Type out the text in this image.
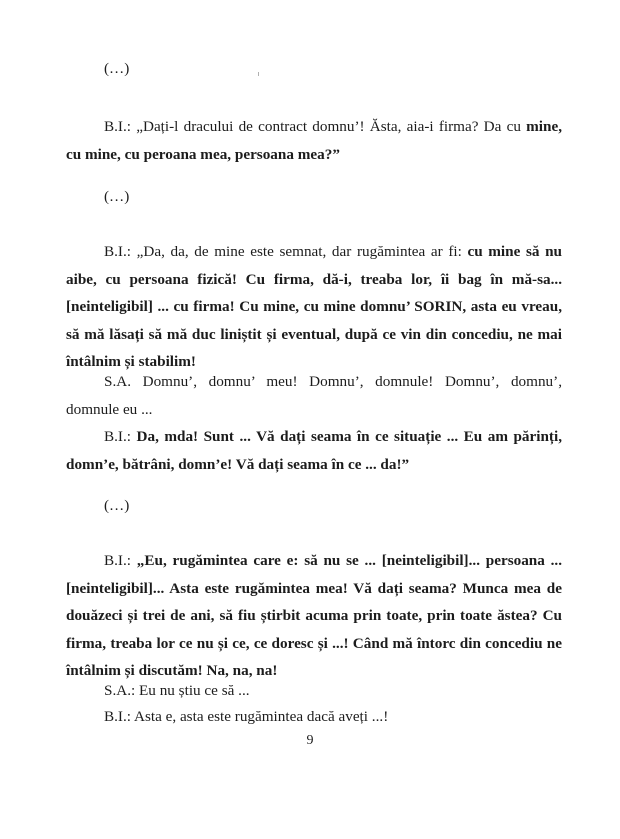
(…)

B.I.: „Dați-l dracului de contract domnu’! Ăsta, aia-i firma? Da cu mine, cu mine, cu peroana mea, persoana mea?”

(…)

B.I.: „Da, da, de mine este semnat, dar rugămintea ar fi: cu mine să nu aibe, cu persoana fizică! Cu firma, dă-i, treaba lor, îi bag în mă-sa... [neinteligibil] ... cu firma! Cu mine, cu mine domnu’ SORIN, asta eu vreau, să mă lăsați să mă duc liniștit și eventual, după ce vin din concediu, ne mai întâlnim și stabilim!

S.A. Domnu’, domnu’ meu! Domnu’, domnule! Domnu’, domnu’, domnule eu ...

B.I.: Da, mda! Sunt ... Vă dați seama în ce situație ... Eu am părinți, domn’e, bătrâni, domn’e! Vă dați seama în ce ... da!”

(…)

B.I.: „Eu, rugămintea care e: să nu se ... [neinteligibil]... persoana ... [neinteligibil]... Asta este rugămintea mea! Vă dați seama? Munca mea de douăzeci și trei de ani, să fiu știrbit acuma prin toate, prin toate ăstea? Cu firma, treaba lor ce nu și ce, ce doresc și ...! Când mă întorc din concediu ne întâlnim și discutăm! Na, na, na!

S.A.: Eu nu știu ce să ...

B.I.: Asta e, asta este rugămintea dacă aveți ...!

9
